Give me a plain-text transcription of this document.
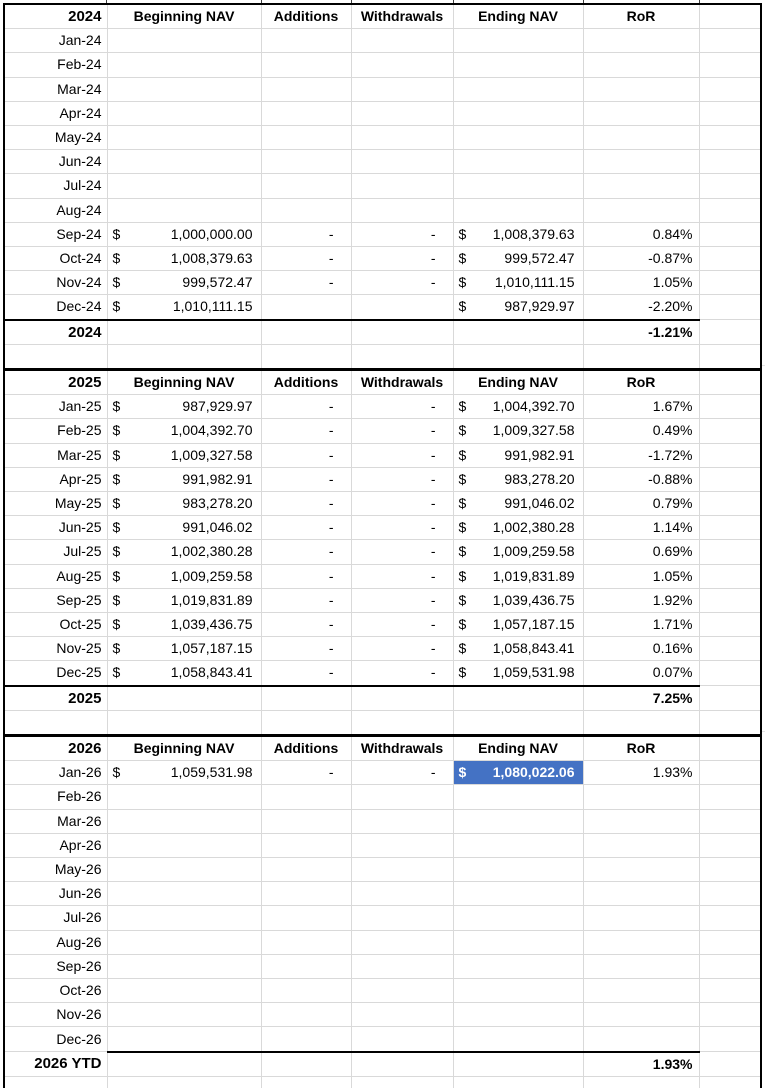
2024	Beginning NAV	Additions	Withdrawals	Ending NAV	RoR	
Jan-24						
Feb-24						
Mar-24						
Apr-24						
May-24						
Jun-24						
Jul-24						
Aug-24						
Sep-24	$ 1,000,000.00	-	-	$ 1,008,379.63	0.84%	
Oct-24	$ 1,008,379.63	-	-	$ 999,572.47	-0.87%	
Nov-24	$ 999,572.47	-	-	$ 1,010,111.15	1.05%	
Dec-24	$ 1,010,111.15			$ 987,929.97	-2.20%	
2024					-1.21%	

2025	Beginning NAV	Additions	Withdrawals	Ending NAV	RoR	
Jan-25	$ 987,929.97	-	-	$ 1,004,392.70	1.67%	
Feb-25	$ 1,004,392.70	-	-	$ 1,009,327.58	0.49%	
Mar-25	$ 1,009,327.58	-	-	$ 991,982.91	-1.72%	
Apr-25	$ 991,982.91	-	-	$ 983,278.20	-0.88%	
May-25	$ 983,278.20	-	-	$ 991,046.02	0.79%	
Jun-25	$ 991,046.02	-	-	$ 1,002,380.28	1.14%	
Jul-25	$ 1,002,380.28	-	-	$ 1,009,259.58	0.69%	
Aug-25	$ 1,009,259.58	-	-	$ 1,019,831.89	1.05%	
Sep-25	$ 1,019,831.89	-	-	$ 1,039,436.75	1.92%	
Oct-25	$ 1,039,436.75	-	-	$ 1,057,187.15	1.71%	
Nov-25	$ 1,057,187.15	-	-	$ 1,058,843.41	0.16%	
Dec-25	$ 1,058,843.41	-	-	$ 1,059,531.98	0.07%	
2025					7.25%	

2026	Beginning NAV	Additions	Withdrawals	Ending NAV	RoR	
Jan-26	$ 1,059,531.98	-	-	$ 1,080,022.06	1.93%	
Feb-26						
Mar-26						
Apr-26						
May-26						
Jun-26						
Jul-26						
Aug-26						
Sep-26						
Oct-26						
Nov-26						
Dec-26						
2026 YTD					1.93%	
